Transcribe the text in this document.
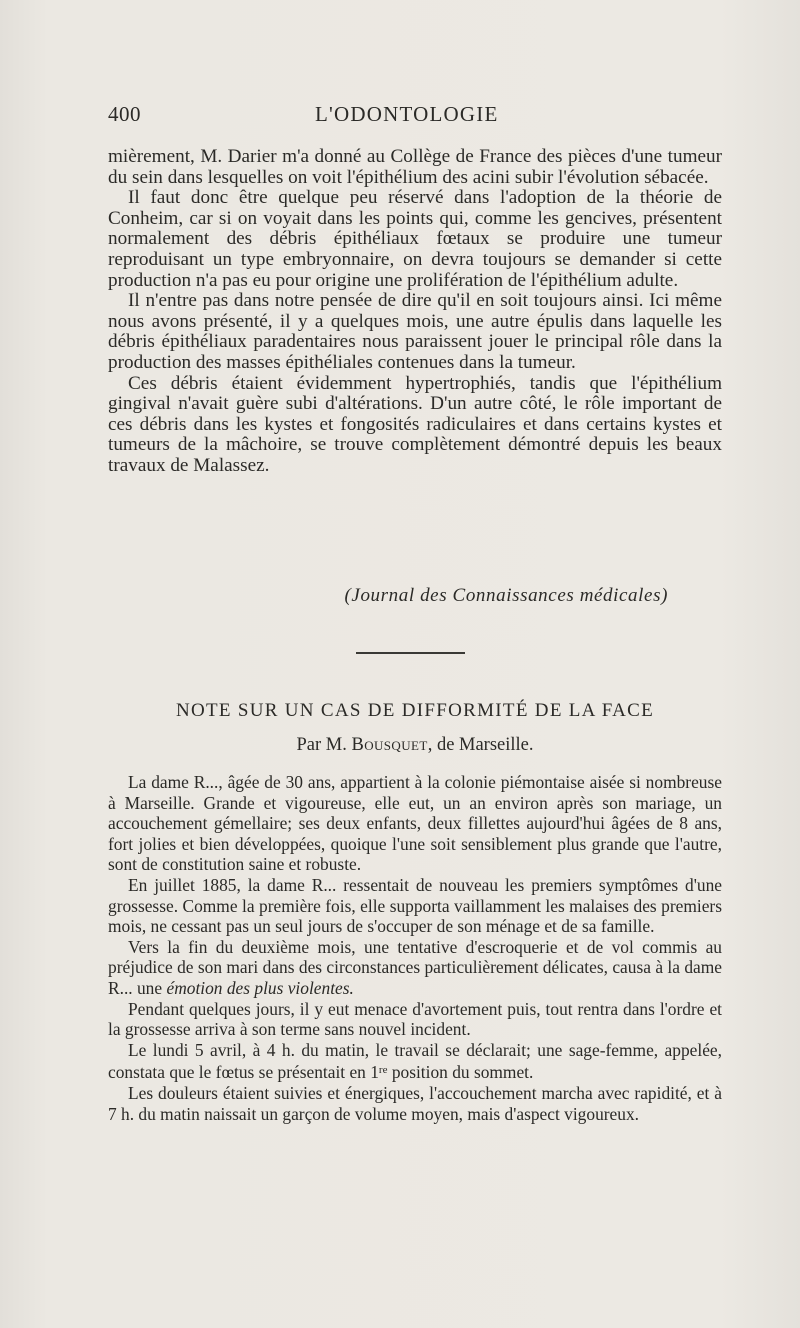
400	L'ODONTOLOGIE

mièrement, M. Darier m'a donné au Collège de France des pièces d'une tumeur du sein dans lesquelles on voit l'épithélium des acini subir l'évolution sébacée.

Il faut donc être quelque peu réservé dans l'adoption de la théorie de Conheim, car si on voyait dans les points qui, comme les gencives, présentent normalement des débris épithéliaux fœtaux se produire une tumeur reproduisant un type embryonnaire, on devra toujours se demander si cette production n'a pas eu pour origine une prolifération de l'épithélium adulte.

Il n'entre pas dans notre pensée de dire qu'il en soit toujours ainsi. Ici même nous avons présenté, il y a quelques mois, une autre épulis dans laquelle les débris épithéliaux paradentaires nous paraissent jouer le principal rôle dans la production des masses épithéliales contenues dans la tumeur.

Ces débris étaient évidemment hypertrophiés, tandis que l'épithélium gingival n'avait guère subi d'altérations. D'un autre côté, le rôle important de ces débris dans les kystes et fongosités radiculaires et dans certains kystes et tumeurs de la mâchoire, se trouve complètement démontré depuis les beaux travaux de Malassez.

(Journal des Connaissances médicales)
NOTE SUR UN CAS DE DIFFORMITÉ DE LA FACE
Par M. Bousquet, de Marseille.

La dame R..., âgée de 30 ans, appartient à la colonie piémontaise aisée si nombreuse à Marseille. Grande et vigoureuse, elle eut, un an environ après son mariage, un accouchement gémellaire; ses deux enfants, deux fillettes aujourd'hui âgées de 8 ans, fort jolies et bien développées, quoique l'une soit sensiblement plus grande que l'autre, sont de constitution saine et robuste.

En juillet 1885, la dame R... ressentait de nouveau les premiers symptômes d'une grossesse. Comme la première fois, elle supporta vaillamment les malaises des premiers mois, ne cessant pas un seul jours de s'occuper de son ménage et de sa famille.

Vers la fin du deuxième mois, une tentative d'escroquerie et de vol commis au préjudice de son mari dans des circonstances particulièrement délicates, causa à la dame R... une émotion des plus violentes.

Pendant quelques jours, il y eut menace d'avortement puis, tout rentra dans l'ordre et la grossesse arriva à son terme sans nouvel incident.

Le lundi 5 avril, à 4 h. du matin, le travail se déclarait; une sage-femme, appelée, constata que le fœtus se présentait en 1re position du sommet.

Les douleurs étaient suivies et énergiques, l'accouchement marcha avec rapidité, et à 7 h. du matin naissait un garçon de volume moyen, mais d'aspect vigoureux.
